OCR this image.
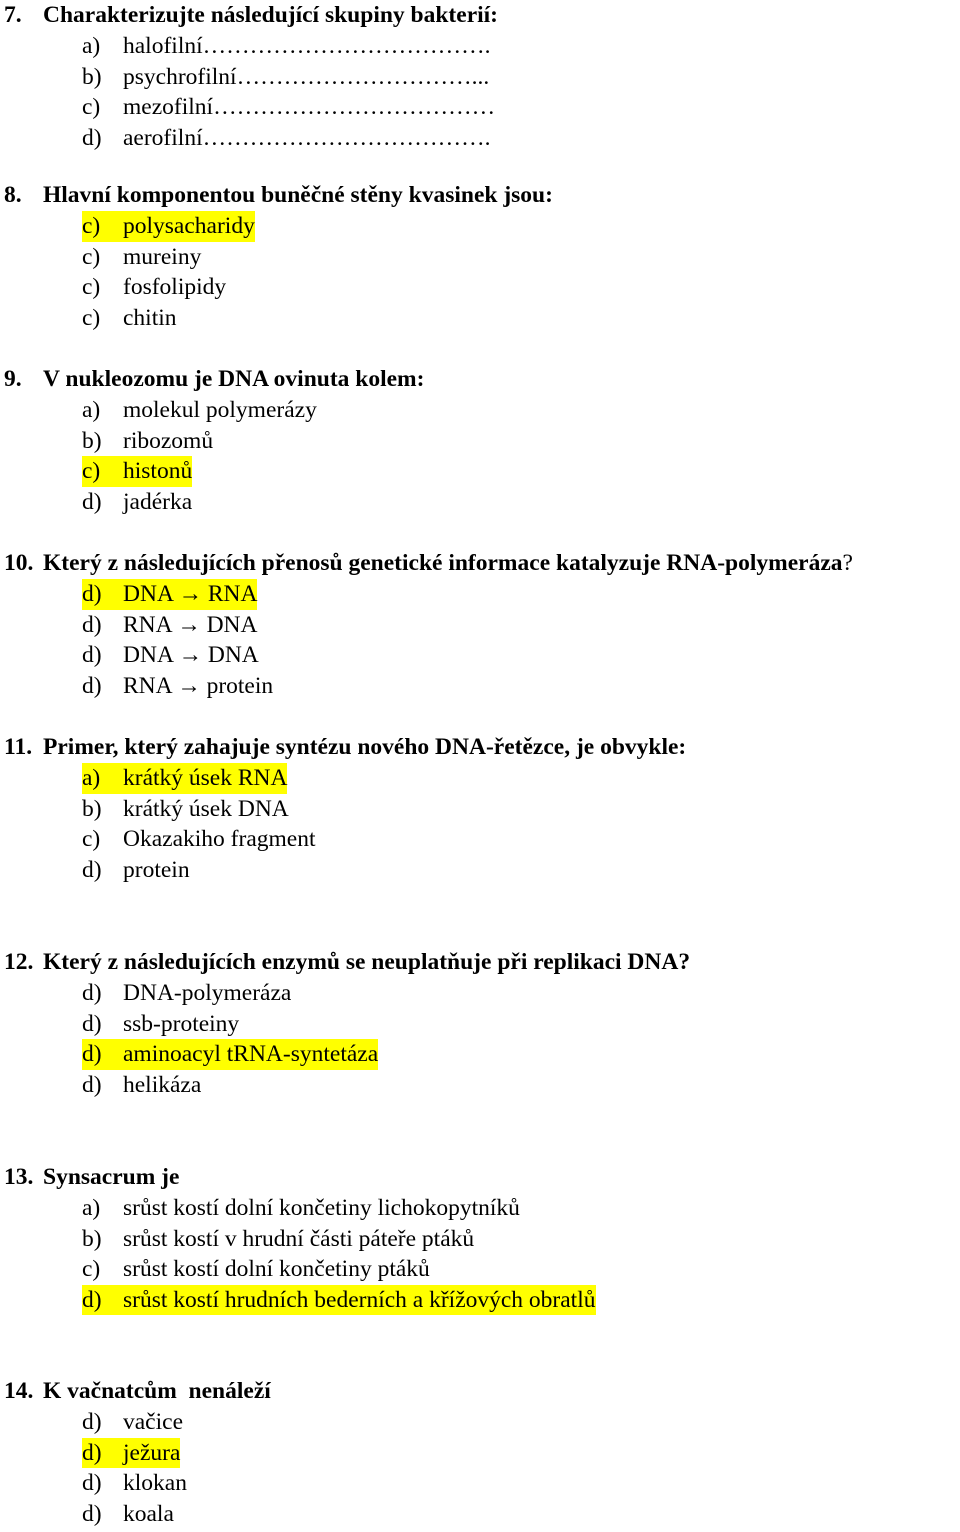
7. Charakterizujte následující skupiny bakterií:
a) halofilní……………………………….
b) psychrofilní…………………………...
c) mezofilní………………………………
d) aerofilní……………………………….
8. Hlavní komponentou buněčné stěny kvasinek jsou:
c) polysacharidy
c) mureiny
c) fosfolipidy
c) chitin
9. V nukleozomu je DNA ovinuta kolem:
a) molekul polymerázy
b) ribozomů
c) histonů
d) jadérka
10. Který z následujících přenosů genetické informace katalyzuje RNA-polymeráza?
d) DNA → RNA
d) RNA → DNA
d) DNA → DNA
d) RNA → protein
11. Primer, který zahajuje syntézu nového DNA-řetězce, je obvykle:
a) krátký úsek RNA
b) krátký úsek DNA
c) Okazakiho fragment
d) protein
12. Který z následujících enzymů se neuplatňuje při replikaci DNA?
d) DNA-polymeráza
d) ssb-proteiny
d) aminoacyl tRNA-syntetáza
d) helikáza
13. Synsacrum je
a) srůst kostí dolní končetiny lichokopytníků
b) srůst kostí v hrudní části páteře ptáků
c) srůst kostí dolní končetiny ptáků
d) srůst kostí hrudních bederních a křížových obratlů
14. K vačnatcům  nenáleží
d) vačice
d) ježura
d) klokan
d) koala
